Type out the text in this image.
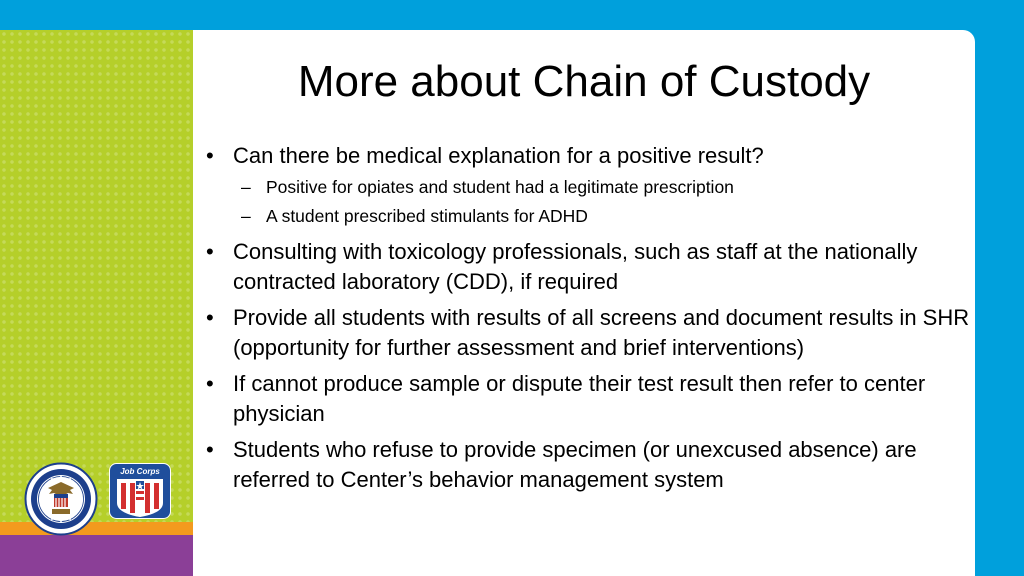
More about Chain of Custody
• Can there be medical explanation for a positive result?
– Positive for opiates and student had a legitimate prescription
– A student prescribed stimulants for ADHD
• Consulting with toxicology professionals, such as staff at the nationally contracted laboratory (CDD), if required
• Provide all students with results of all screens and document results in SHR (opportunity for further assessment and brief interventions)
• If cannot produce sample or dispute their test result then refer to center physician
• Students who refuse to provide specimen (or unexcused absence) are referred to Center’s behavior management system
Job Corps
